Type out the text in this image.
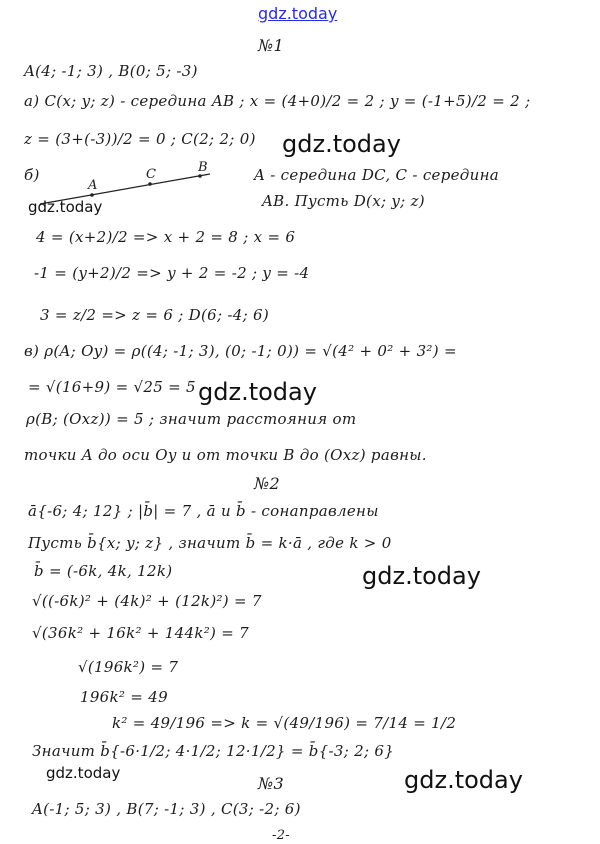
gdz.today
№1
A(4; -1; 3) , B(0; 5; -3)
а) C(x; y; z) - середина AB ; x = (4+0)/2 = 2 ; y = (-1+5)/2 = 2 ;
z = (3+(-3))/2 = 0 ; C(2; 2; 0) gdz.today
б)	A - середина DC, C - середина
AB. Пусть D(x; y; z)
A
C	B
gdz.today
4 = (x+2)/2 => x + 2 = 8 ; x = 6
-1 = (y+2)/2 => y + 2 = -2 ; y = -4
3 = z/2 => z = 6 ; D(6; -4; 6)
в) ρ(A; Oy) = ρ((4; -1; 3), (0; -1; 0)) = √(4² + 0² + 3²) =
= √(16+9) = √25 = 5 gdz.today
ρ(B; (Oxz)) = 5 ; значит расстояния от
точки A до оси Oy и от точки B до (Oxz) равны.
№2
ā{-6; 4; 12} ; |b̄| = 7 , ā и b̄ - сонаправлены
Пусть b̄{x; y; z} , значит b̄ = k·ā , где k > 0
b̄ = (-6k, 4k, 12k)	gdz.today
√((-6k)² + (4k)² + (12k)²) = 7
√(36k² + 16k² + 144k²) = 7
√(196k²) = 7
196k² = 49
k² = 49/196 => k = √(49/196) = 7/14 = 1/2
Значит b̄{-6·1/2; 4·1/2; 12·1/2} = b̄{-3; 2; 6}
gdz.today	gdz.today
№3
A(-1; 5; 3) , B(7; -1; 3) , C(3; -2; 6)
-2-
